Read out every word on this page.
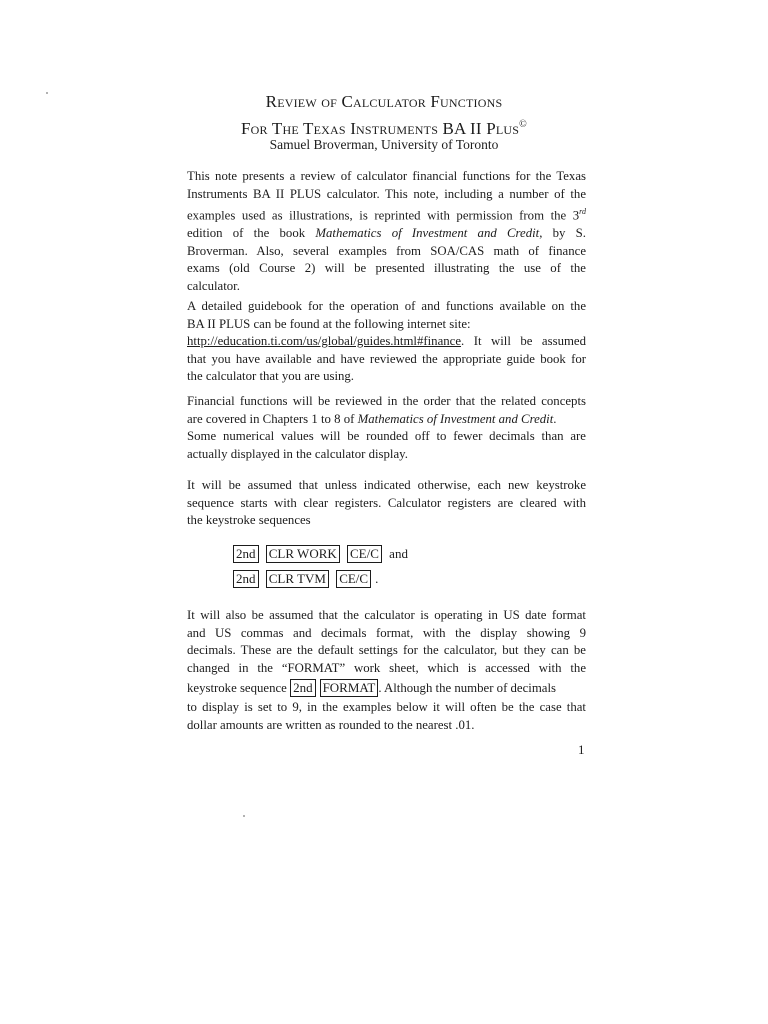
Review of Calculator Functions
For The Texas Instruments BA II Plus©
Samuel Broverman, University of Toronto
This note presents a review of calculator financial functions for the Texas
Instruments BA II PLUS calculator. This note, including a number of the
examples used as illustrations, is reprinted with permission from the 3rd
edition of the book Mathematics of Investment and Credit, by S.
Broverman. Also, several examples from SOA/CAS math of finance
exams (old Course 2) will be presented illustrating the use of the
calculator.
A detailed guidebook for the operation of and functions available on the
BA II PLUS can be found at the following internet site:
http://education.ti.com/us/global/guides.html#finance. It will be assumed
that you have available and have reviewed the appropriate guide book for
the calculator that you are using.
Financial functions will be reviewed in the order that the related concepts
are covered in Chapters 1 to 8 of Mathematics of Investment and Credit.
Some numerical values will be rounded off to fewer decimals than are
actually displayed in the calculator display.
It will be assumed that unless indicated otherwise, each new keystroke
sequence starts with clear registers. Calculator registers are cleared with
the keystroke sequences
2nd CLR WORK CE/C and
2nd CLR TVM CE/C .
It will also be assumed that the calculator is operating in US date format
and US commas and decimals format, with the display showing 9
decimals. These are the default settings for the calculator, but they can be
changed in the “FORMAT” work sheet, which is accessed with the
keystroke sequence 2nd FORMAT . Although the number of decimals
to display is set to 9, in the examples below it will often be the case that
dollar amounts are written as rounded to the nearest .01.
1
